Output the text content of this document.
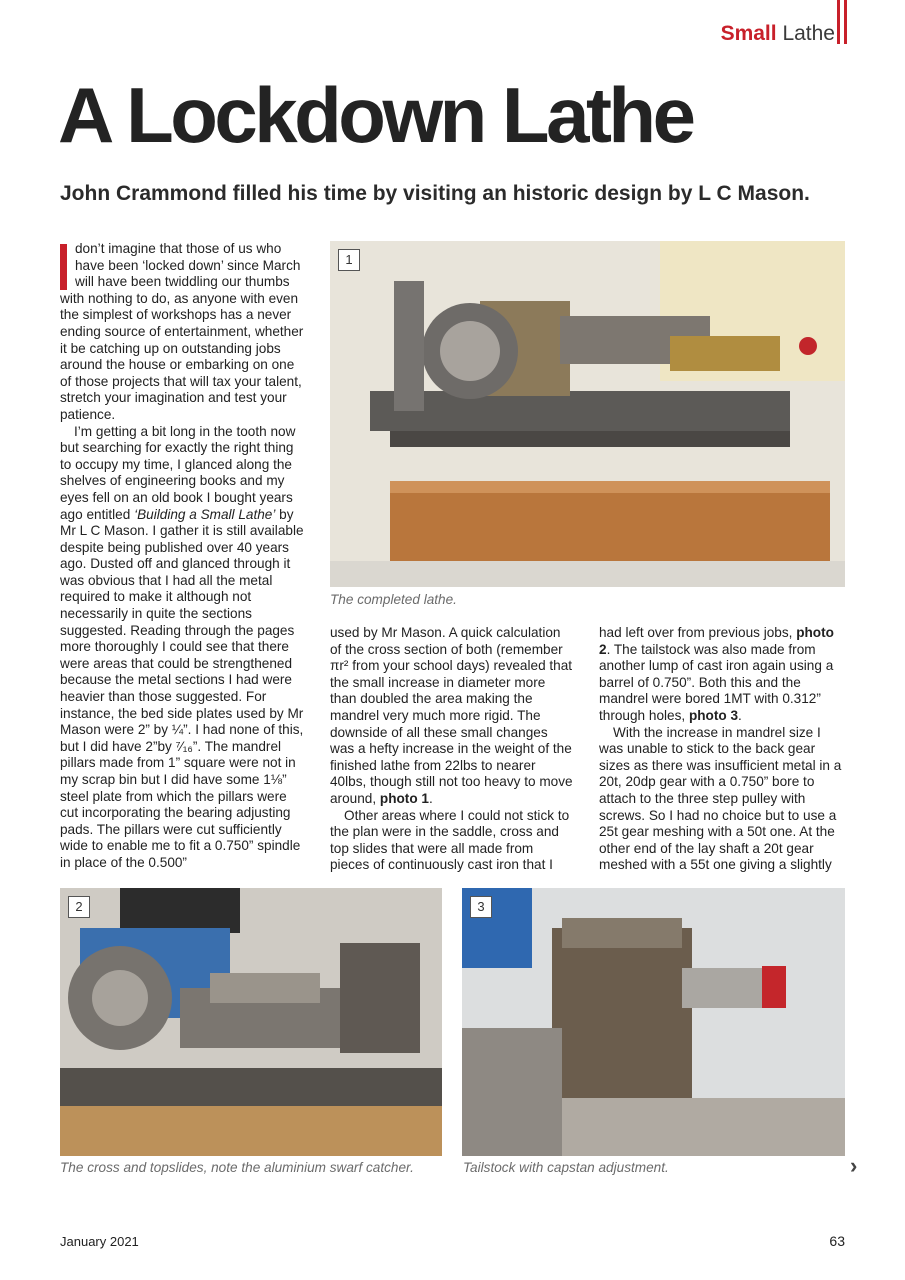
Small Lathe
A Lockdown Lathe
John Crammond filled his time by visiting an historic design by L C Mason.

don’t imagine that those of us who have been ‘locked down’ since March will have been twiddling our thumbs with nothing to do, as anyone with even the simplest of workshops has a never ending source of entertainment, whether it be catching up on outstanding jobs around the house or embarking on one of those projects that will tax your talent, stretch your imagination and test your patience.

I’m getting a bit long in the tooth now but searching for exactly the right thing to occupy my time, I glanced along the shelves of engineering books and my eyes fell on an old book I bought years ago entitled ‘Building a Small Lathe’ by Mr L C Mason. I gather it is still available despite being published over 40 years ago. Dusted off and glanced through it was obvious that I had all the metal required to make it although not necessarily in quite the sections suggested. Reading through the pages more thoroughly I could see that there were areas that could be strengthened because the metal sections I had were heavier than those suggested. For instance, the bed side plates used by Mr Mason were 2” by ¼”. I had none of this, but I did have 2”by ⁷⁄₁₆”. The mandrel pillars made from 1” square were not in my scrap bin but I did have some 1⅛” steel plate from which the pillars were cut incorporating the bearing adjusting pads. The pillars were cut sufficiently wide to enable me to fit a 0.750” spindle in place of the 0.500”

1

The completed lathe.

used by Mr Mason. A quick calculation of the cross section of both (remember πr² from your school days) revealed that the small increase in diameter more than doubled the area making the mandrel very much more rigid. The downside of all these small changes was a hefty increase in the weight of the finished lathe from 22lbs to nearer 40lbs, though still not too heavy to move around, photo 1.

Other areas where I could not stick to the plan were in the saddle, cross and top slides that were all made from pieces of continuously cast iron that I

had left over from previous jobs, photo 2. The tailstock was also made from another lump of cast iron again using a barrel of 0.750”. Both this and the mandrel were bored 1MT with 0.312” through holes, photo 3.

With the increase in mandrel size I was unable to stick to the back gear sizes as there was insufficient metal in a 20t, 20dp gear with a 0.750” bore to attach to the three step pulley with screws. So I had no choice but to use a 25t gear meshing with a 50t one. At the other end of the lay shaft a 20t gear meshed with a 55t one giving a slightly

2

The cross and topslides, note the aluminium swarf catcher.

3

Tailstock with capstan adjustment.	›
January 2021	63
